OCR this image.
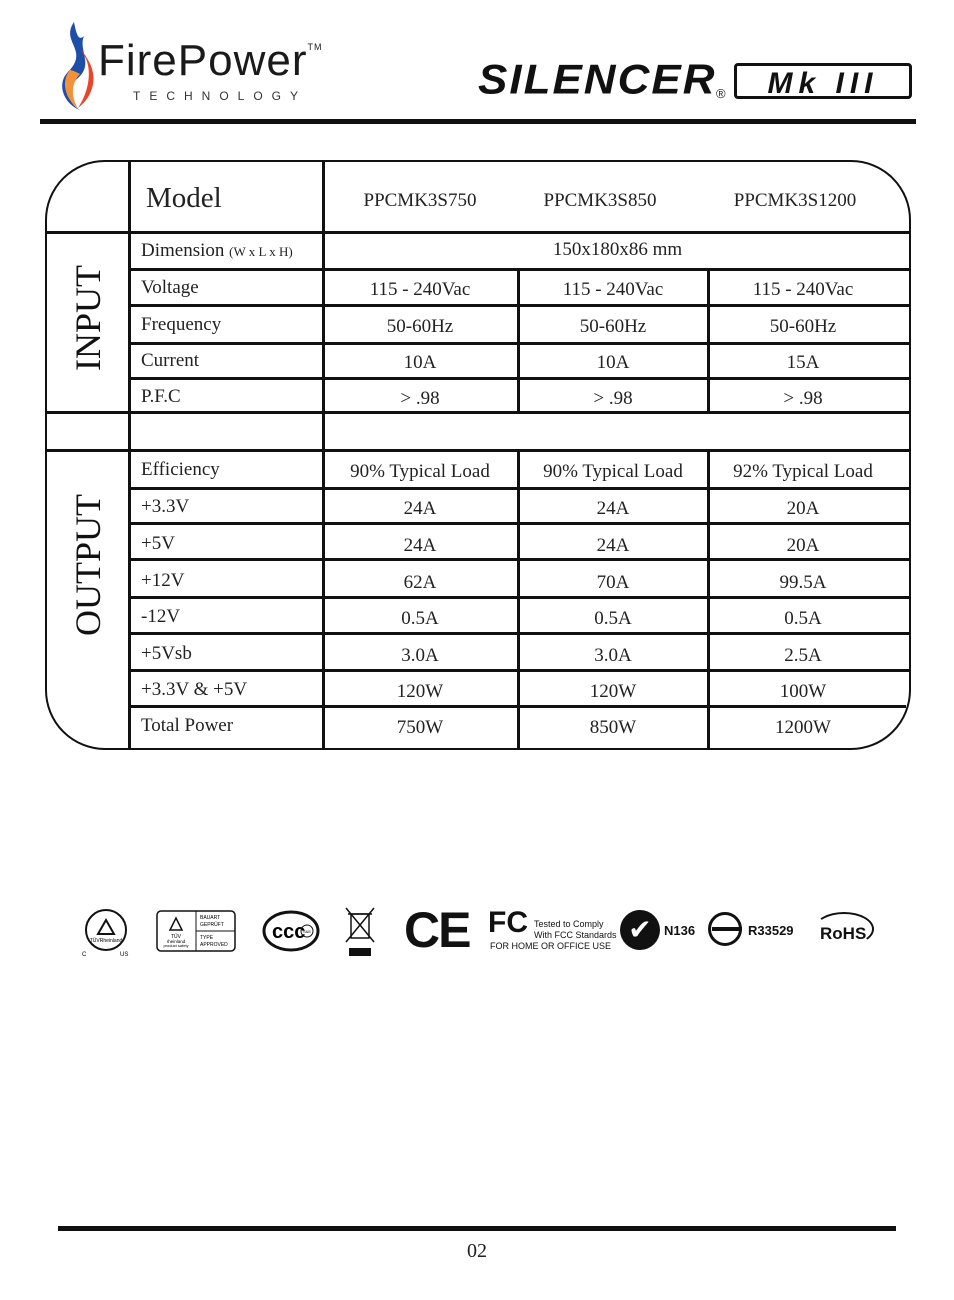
FirePower™
TECHNOLOGY	SILENCER ®	Mk III
Model	PPCMK3S750	PPCMK3S850	PPCMK3S1200
INPUT
OUTPUT
Dimension (W x L x H)	150x180x86 mm
Voltage	115 - 240Vac	115 - 240Vac	115 - 240Vac
Frequency	50-60Hz	50-60Hz	50-60Hz
Current	10A	10A	15A
P.F.C	> .98	> .98	> .98
Efficiency	90% Typical Load	90% Typical Load	92% Typical Load
+3.3V	24A	24A	20A
+5V	24A	24A	20A
+12V	62A	70A	99.5A
-12V	0.5A	0.5A	0.5A
+5Vsb	3.0A	3.0A	2.5A
+3.3V & +5V	120W	120W	100W
Total Power	750W	850W	1200W
TÜVRheinland
C	US
TÜV
rheinland
product safety
BAUART
GEPRÜFT
TYPE
APPROVED
ccc
S&E CE FC Tested to Comply
With FCC Standards
FOR HOME OR OFFICE USE
✔ N136	R33529 RoHS
02
